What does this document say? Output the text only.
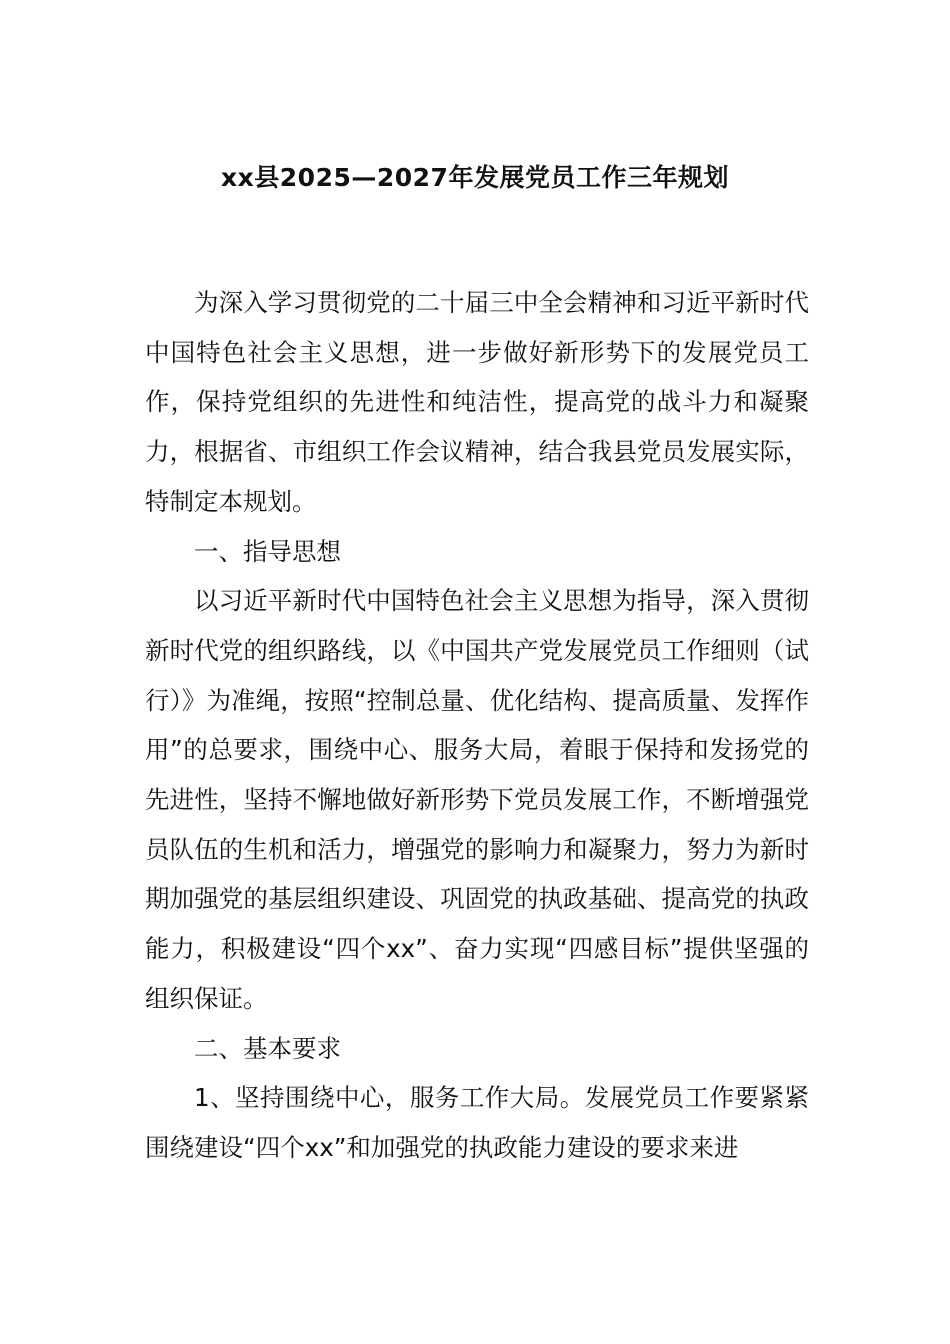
xx县2025—2027年发展党员工作三年规划

为深入学习贯彻党的二十届三中全会精神和习近平新时代中国特色社会主义思想，进一步做好新形势下的发展党员工作，保持党组织的先进性和纯洁性，提高党的战斗力和凝聚力，根据省、市组织工作会议精神，结合我县党员发展实际，特制定本规划。

一、指导思想

以习近平新时代中国特色社会主义思想为指导，深入贯彻新时代党的组织路线，以《中国共产党发展党员工作细则（试行）》为准绳，按照“控制总量、优化结构、提高质量、发挥作用”的总要求，围绕中心、服务大局，着眼于保持和发扬党的先进性，坚持不懈地做好新形势下党员发展工作，不断增强党员队伍的生机和活力，增强党的影响力和凝聚力，努力为新时期加强党的基层组织建设、巩固党的执政基础、提高党的执政能力，积极建设“四个xx”、奋力实现“四感目标”提供坚强的组织保证。

二、基本要求

1、坚持围绕中心，服务工作大局。发展党员工作要紧紧围绕建设“四个xx”和加强党的执政能力建设的要求来进
